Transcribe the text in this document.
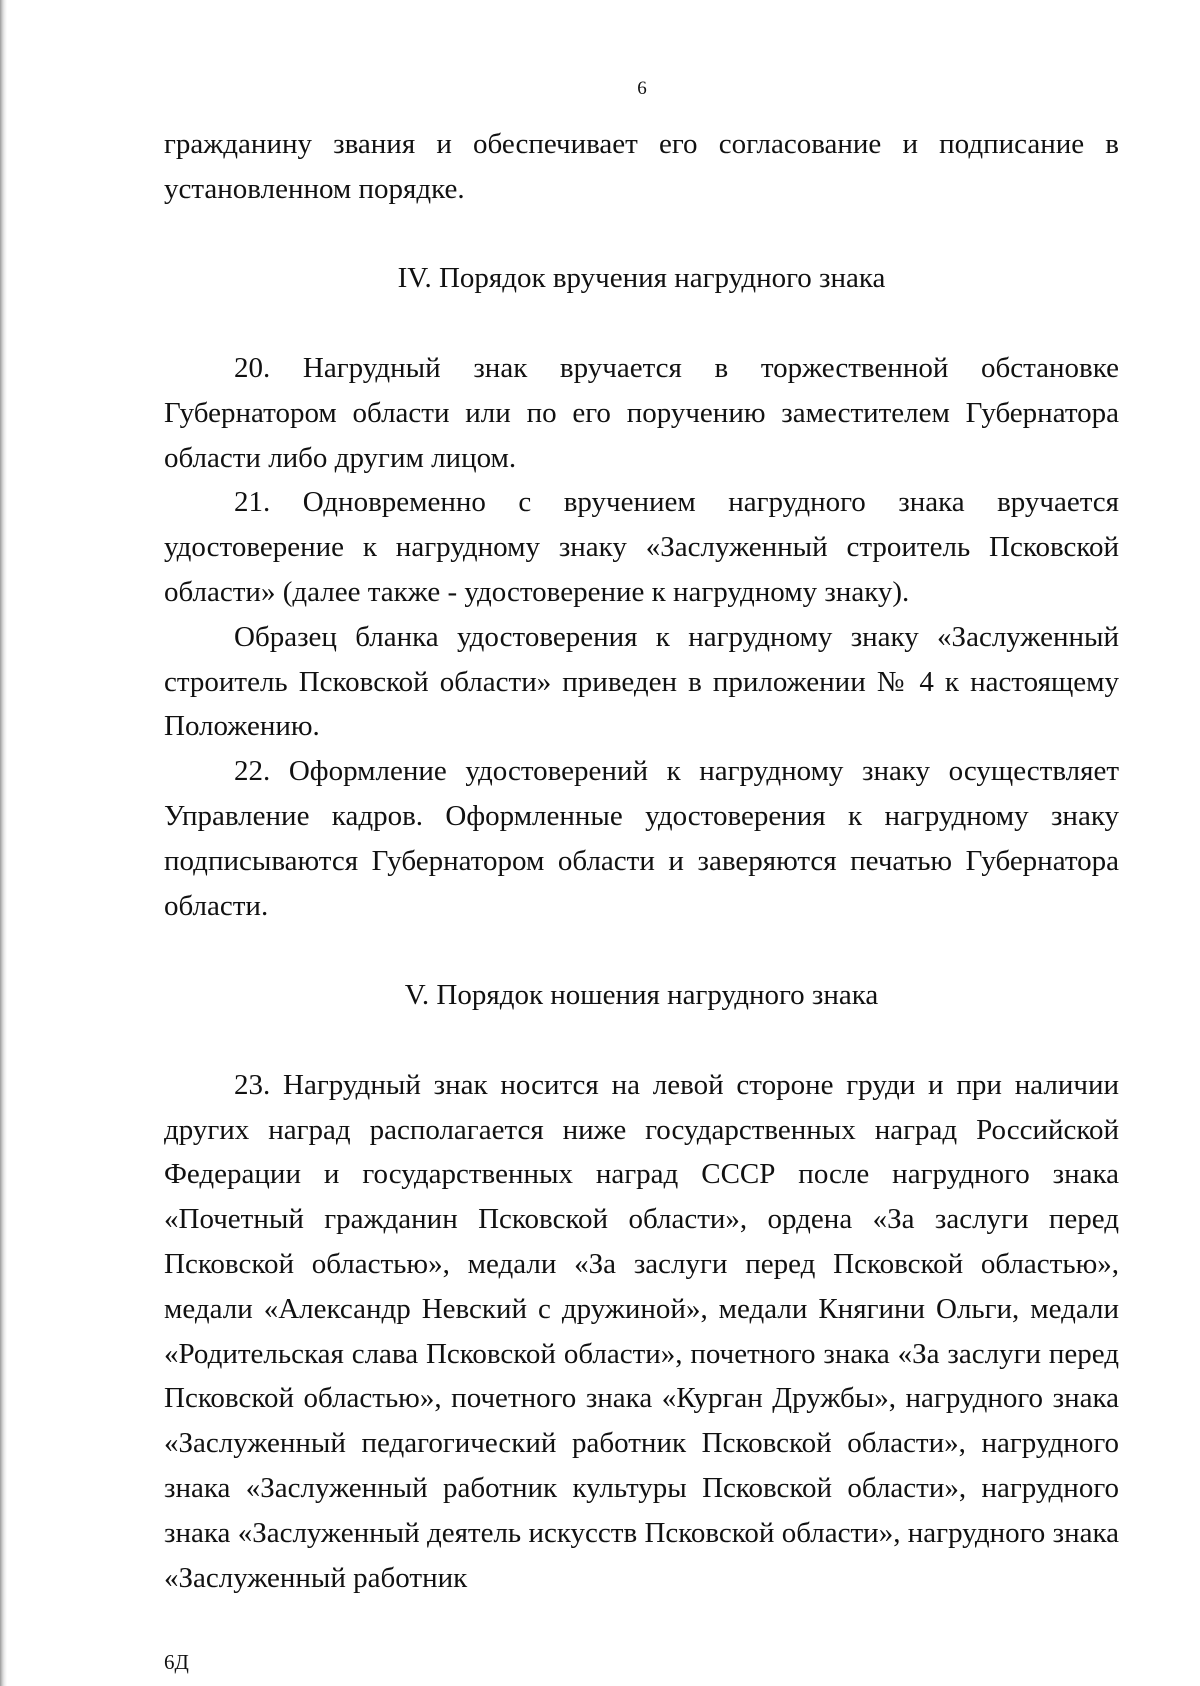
6

гражданину звания и обеспечивает его согласование и подписание в установленном порядке.

IV. Порядок вручения нагрудного знака

20. Нагрудный знак вручается в торжественной обстановке Губернатором области или по его поручению заместителем Губернатора области либо другим лицом.

21. Одновременно с вручением нагрудного знака вручается удостоверение к нагрудному знаку «Заслуженный строитель Псковской области» (далее также - удостоверение к нагрудному знаку).

Образец бланка удостоверения к нагрудному знаку «Заслуженный строитель Псковской области» приведен в приложении № 4 к настоящему Положению.

22. Оформление удостоверений к нагрудному знаку осуществляет Управление кадров. Оформленные удостоверения к нагрудному знаку подписываются Губернатором области и заверяются печатью Губернатора области.

V. Порядок ношения нагрудного знака

23. Нагрудный знак носится на левой стороне груди и при наличии других наград располагается ниже государственных наград Российской Федерации и государственных наград СССР после нагрудного знака «Почетный гражданин Псковской области», ордена «За заслуги перед Псковской областью», медали «За заслуги перед Псковской областью», медали «Александр Невский с дружиной», медали Княгини Ольги, медали «Родительская слава Псковской области», почетного знака «За заслуги перед Псковской областью», почетного знака «Курган Дружбы», нагрудного знака «Заслуженный педагогический работник Псковской области», нагрудного знака «Заслуженный работник культуры Псковской области», нагрудного знака «Заслуженный деятель искусств Псковской области», нагрудного знака «Заслуженный работник

6Д
